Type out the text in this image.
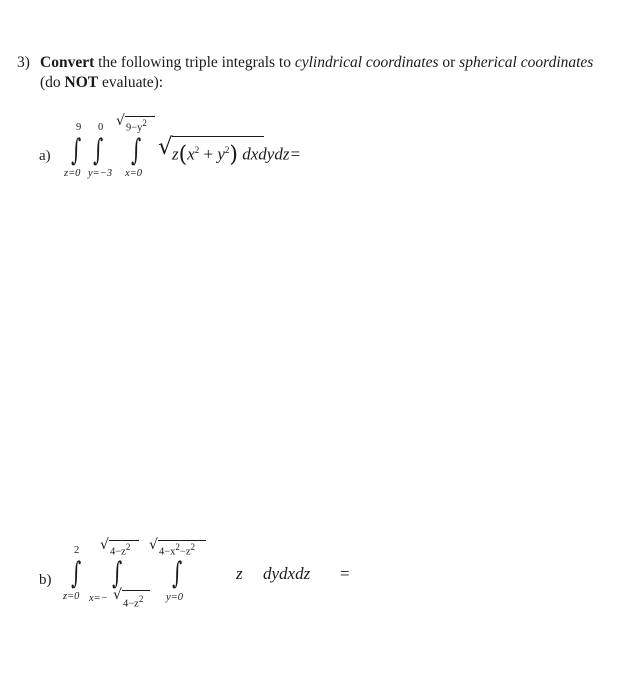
3) Convert the following triple integrals to cylindrical coordinates or spherical coordinates
(do NOT evaluate):
a)
9
∫
z=0
0
∫
y=−3
√ $9-y^2$
∫
x=0
√ $z(x^2 + y^2)$ dxdydz=
b)
2
∫
z=0
√ $4-z^2$
∫
x=− √
$4-z^2$
√ $4-x^2-z^2$
∫
y=0
z dydxdz =
